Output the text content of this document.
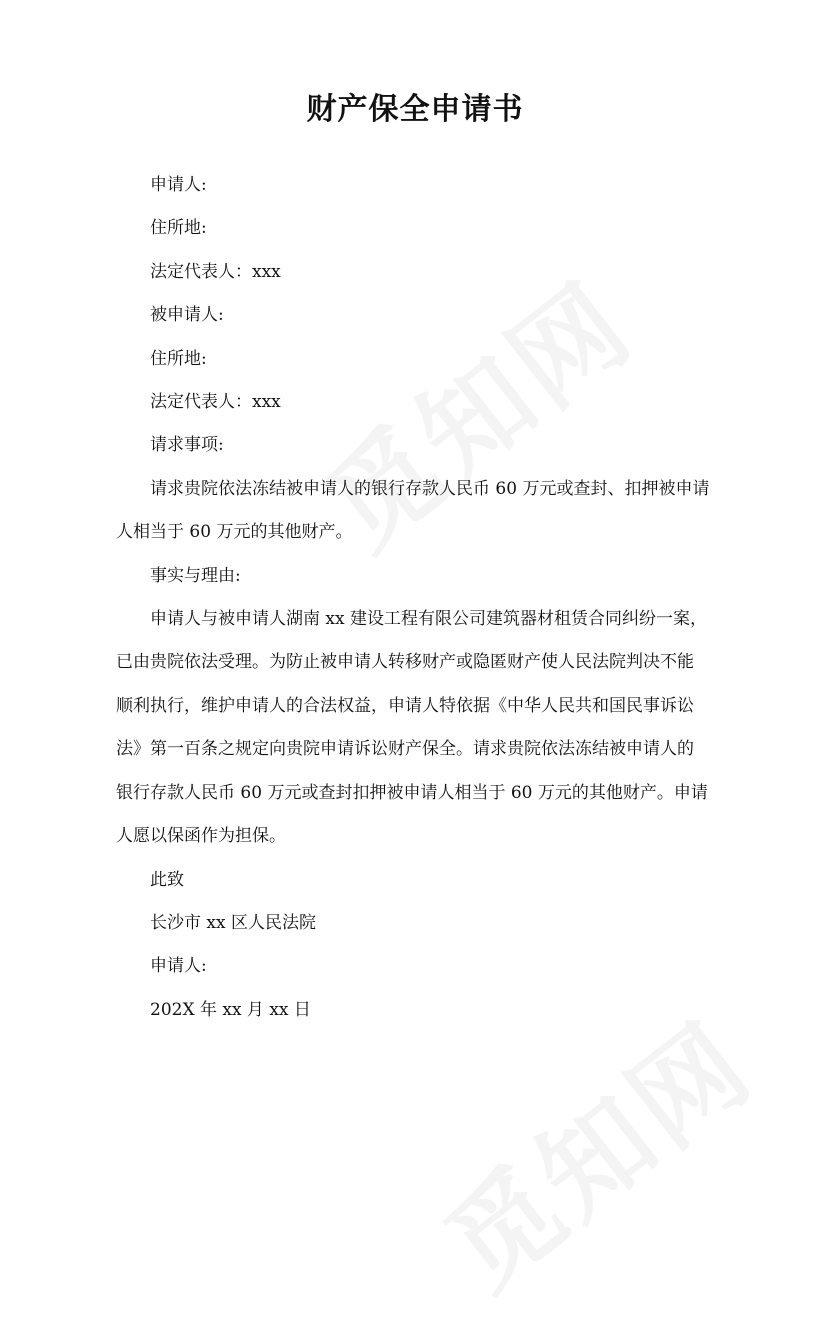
财产保全申请书

申请人:

住所地:

法定代表人：xxx

被申请人:

住所地:

法定代表人：xxx

请求事项:

请求贵院依法冻结被申请人的银行存款人民币 60 万元或查封、扣押被申请人相当于 60 万元的其他财产。

事实与理由:

申请人与被申请人湖南 xx 建设工程有限公司建筑器材租赁合同纠纷一案，已由贵院依法受理。为防止被申请人转移财产或隐匿财产使人民法院判决不能顺利执行，维护申请人的合法权益，申请人特依据《中华人民共和国民事诉讼法》第一百条之规定向贵院申请诉讼财产保全。请求贵院依法冻结被申请人的银行存款人民币 60 万元或查封扣押被申请人相当于 60 万元的其他财产。申请人愿以保函作为担保。

此致

长沙市 xx 区人民法院

申请人:

202X 年 xx 月 xx 日
